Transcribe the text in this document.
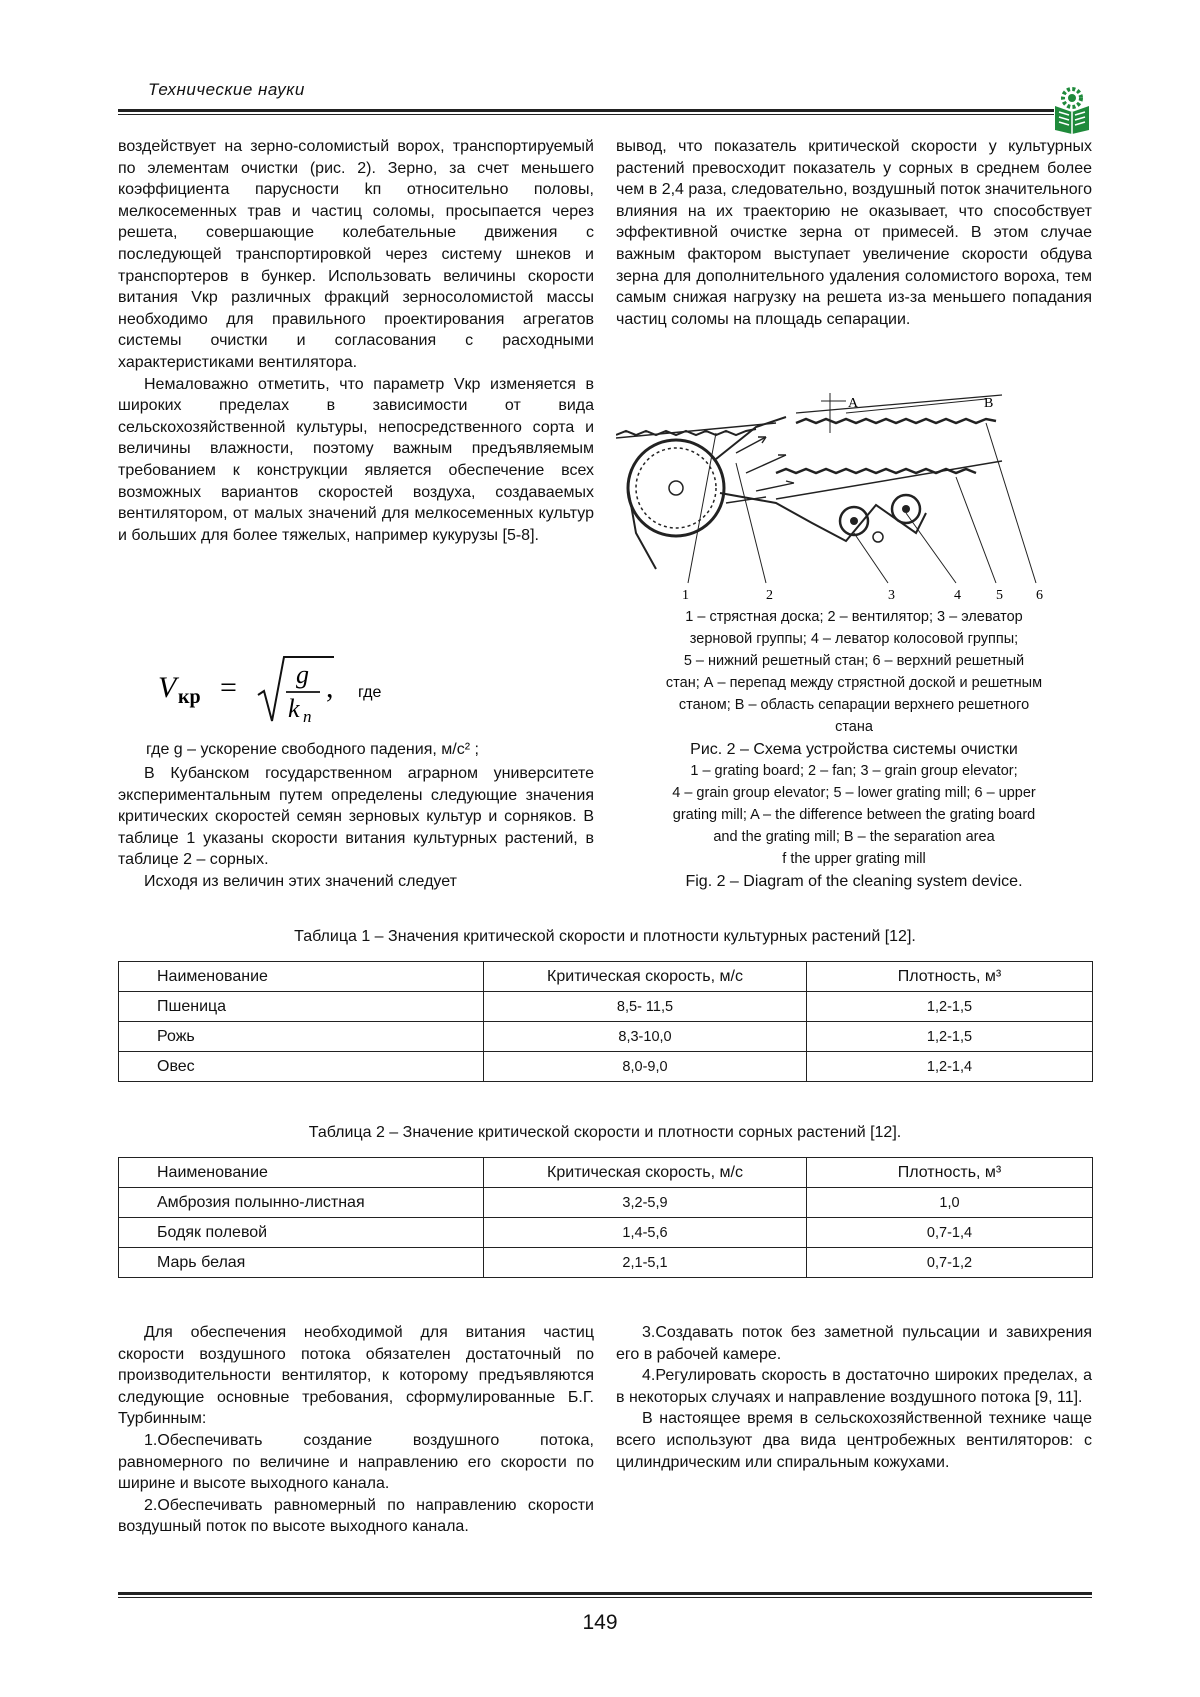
Технические науки

воздействует на зерно-соломистый ворох, транспортируемый по элементам очистки (рис. 2). Зерно, за счет меньшего коэффициента парусности kп относительно половы, мелкосеменных трав и частиц соломы, просыпается через решета, совершающие колебательные движения с последующей транспортировкой через систему шнеков и транспортеров в бункер. Использовать величины скорости витания Vкр различных фракций зерносоломистой массы необходимо для правильного проектирования агрегатов системы очистки и согласования с расходными характеристиками вентилятора.

Немаловажно отметить, что параметр Vкр изменяется в широких пределах в зависимости от вида сельскохозяйственной культуры, непосредственного сорта и величины влажности, поэтому важным предъявляемым требованием к конструкции является обеспечение всех возможных вариантов скоростей воздуха, создаваемых вентилятором, от малых значений для мелкосеменных культур и больших для более тяжелых, например кукурузы [5-8].

V кр = g
k n
, где
где g – ускорение свободного падения, м/с² ;

В Кубанском государственном аграрном университете экспериментальным путем определены следующие значения критических скоростей семян зерновых культур и сорняков. В таблице 1 указаны скорости витания культурных растений, в таблице 2 – сорных.

Исходя из величин этих значений следует

вывод, что показатель критической скорости у культурных растений превосходит показатель у сорных в среднем более чем в 2,4 раза, следовательно, воздушный поток значительного влияния на их траекторию не оказывает, что способствует эффективной очистке зерна от примесей. В этом случае важным фактором выступает увеличение скорости обдува зерна для дополнительного удаления соломистого вороха, тем самым снижая нагрузку на решета из-за меньшего попадания частиц соломы на площадь сепарации.

A	B
1	2	3	4	5 6
1 – стрястная доска; 2 – вентилятор; 3 – элеватор
зерновой группы; 4 – леватор колосовой группы;
5 – нижний решетный стан; 6 – верхний решетный
стан; А – перепад между стрястной доской и решетным
станом; В – область сепарации верхнего решетного
стана
Рис. 2 – Схема устройства системы очистки
1 – grating board; 2 – fan; 3 – grain group elevator;
4 – grain group elevator; 5 – lower grating mill; 6 – upper
grating mill; A – the difference between the grating board
and the grating mill; B – the separation area
f the upper grating mill
Fig. 2 – Diagram of the cleaning system device.
Таблица 1 – Значения критической скорости и плотности культурных растений [12].
Наименование	Критическая скорость, м/с	Плотность, м³
Пшеница	8,5- 11,5	1,2-1,5
Рожь	8,3-10,0	1,2-1,5
Овес	8,0-9,0	1,2-1,4
Таблица 2 – Значение критической скорости и плотности сорных растений [12].
Наименование	Критическая скорость, м/с	Плотность, м³
Амброзия полынно-листная	3,2-5,9	1,0
Бодяк полевой	1,4-5,6	0,7-1,4
Марь белая	2,1-5,1	0,7-1,2

Для обеспечения необходимой для витания частиц скорости воздушного потока обязателен достаточный по производительности вентилятор, к которому предъявляются следующие основные требования, сформулированные Б.Г. Турбинным:

1.Обеспечивать создание воздушного потока, равномерного по величине и направлению его скорости по ширине и высоте выходного канала.

2.Обеспечивать равномерный по направлению скорости воздушный поток по высоте выходного канала.

3.Создавать поток без заметной пульсации и завихрения его в рабочей камере.

4.Регулировать скорость в достаточно широких пределах, а в некоторых случаях и направление воздушного потока [9, 11].

В настоящее время в сельскохозяйственной технике чаще всего используют два вида центробежных вентиляторов: с цилиндрическим или спиральным кожухами.

149
